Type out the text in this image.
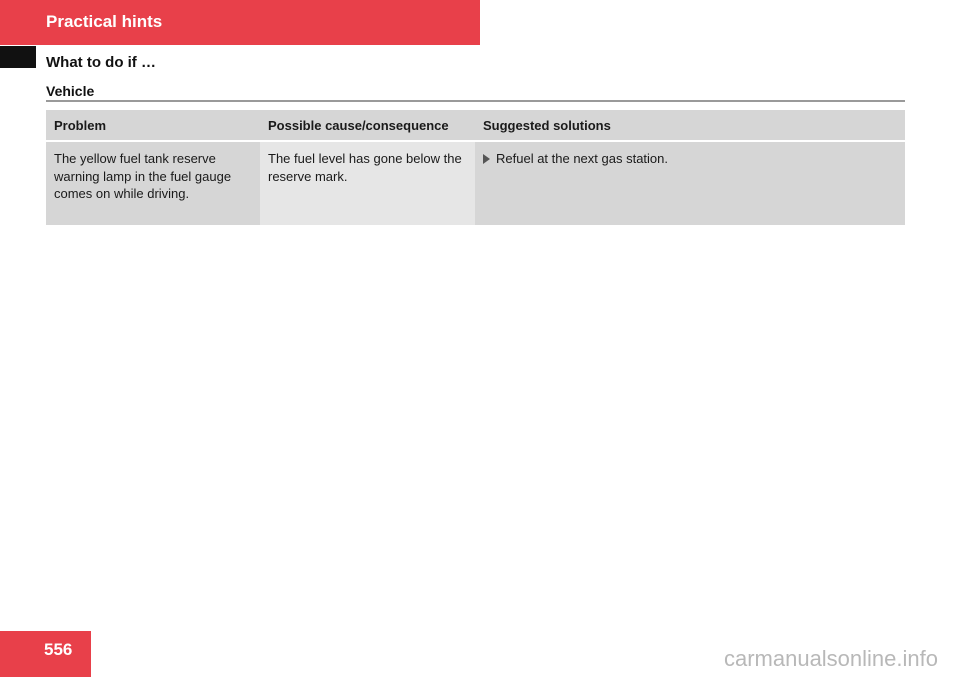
Practical hints
What to do if …
Vehicle
Problem	Possible cause/consequence	Suggested solutions
The yellow fuel tank reserve warning lamp in the fuel gauge comes on while driving.	The fuel level has gone below the reserve mark.	Refuel at the next gas station.
556	carmanualsonline.info
